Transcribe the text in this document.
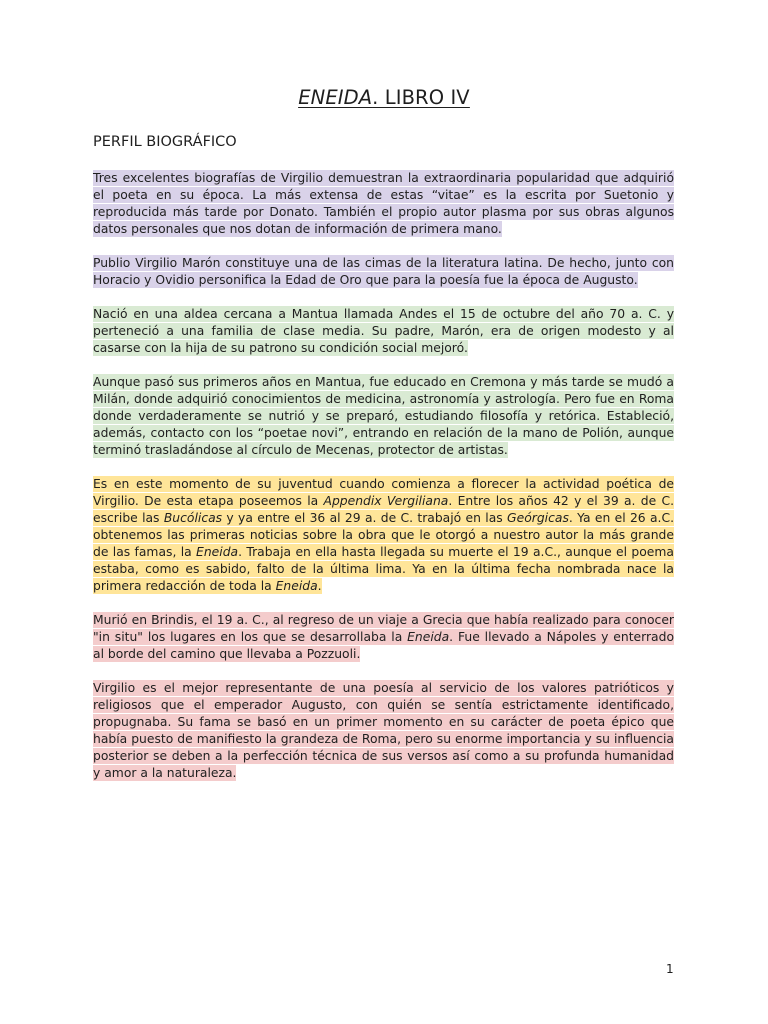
ENEIDA. LIBRO IV
PERFIL BIOGRÁFICO

Tres excelentes biografías de Virgilio demuestran la extraordinaria popularidad que adquirió el poeta en su época. La más extensa de estas “vitae” es la escrita por Suetonio y reproducida más tarde por Donato. También el propio autor plasma por sus obras algunos datos personales que nos dotan de información de primera mano.

Publio Virgilio Marón constituye una de las cimas de la literatura latina. De hecho, junto con Horacio y Ovidio personifica la Edad de Oro que para la poesía fue la época de Augusto.

Nació en una aldea cercana a Mantua llamada Andes el 15 de octubre del año 70 a. C. y perteneció a una familia de clase media. Su padre, Marón, era de origen modesto y al casarse con la hija de su patrono su condición social mejoró.

Aunque pasó sus primeros años en Mantua, fue educado en Cremona y más tarde se mudó a Milán, donde adquirió conocimientos de medicina, astronomía y astrología. Pero fue en Roma donde verdaderamente se nutrió y se preparó, estudiando filosofía y retórica. Estableció, además, contacto con los “poetae novi”, entrando en relación de la mano de Polión, aunque terminó trasladándose al círculo de Mecenas, protector de artistas.

Es en este momento de su juventud cuando comienza a florecer la actividad poética de Virgilio. De esta etapa poseemos la Appendix Vergiliana. Entre los años 42 y el 39 a. de C. escribe las Bucólicas y ya entre el 36 al 29 a. de C. trabajó en las Geórgicas. Ya en el 26 a.C. obtenemos las primeras noticias sobre la obra que le otorgó a nuestro autor la más grande de las famas, la Eneida. Trabaja en ella hasta llegada su muerte el 19 a.C., aunque el poema estaba, como es sabido, falto de la última lima. Ya en la última fecha nombrada nace la primera redacción de toda la Eneida.

Murió en Brindis, el 19 a. C., al regreso de un viaje a Grecia que había realizado para conocer "in situ" los lugares en los que se desarrollaba la Eneida. Fue llevado a Nápoles y enterrado al borde del camino que llevaba a Pozzuoli.

Virgilio es el mejor representante de una poesía al servicio de los valores patrióticos y religiosos que el emperador Augusto, con quién se sentía estrictamente identificado, propugnaba. Su fama se basó en un primer momento en su carácter de poeta épico que había puesto de manifiesto la grandeza de Roma, pero su enorme importancia y su influencia posterior se deben a la perfección técnica de sus versos así como a su profunda humanidad y amor a la naturaleza.

1
